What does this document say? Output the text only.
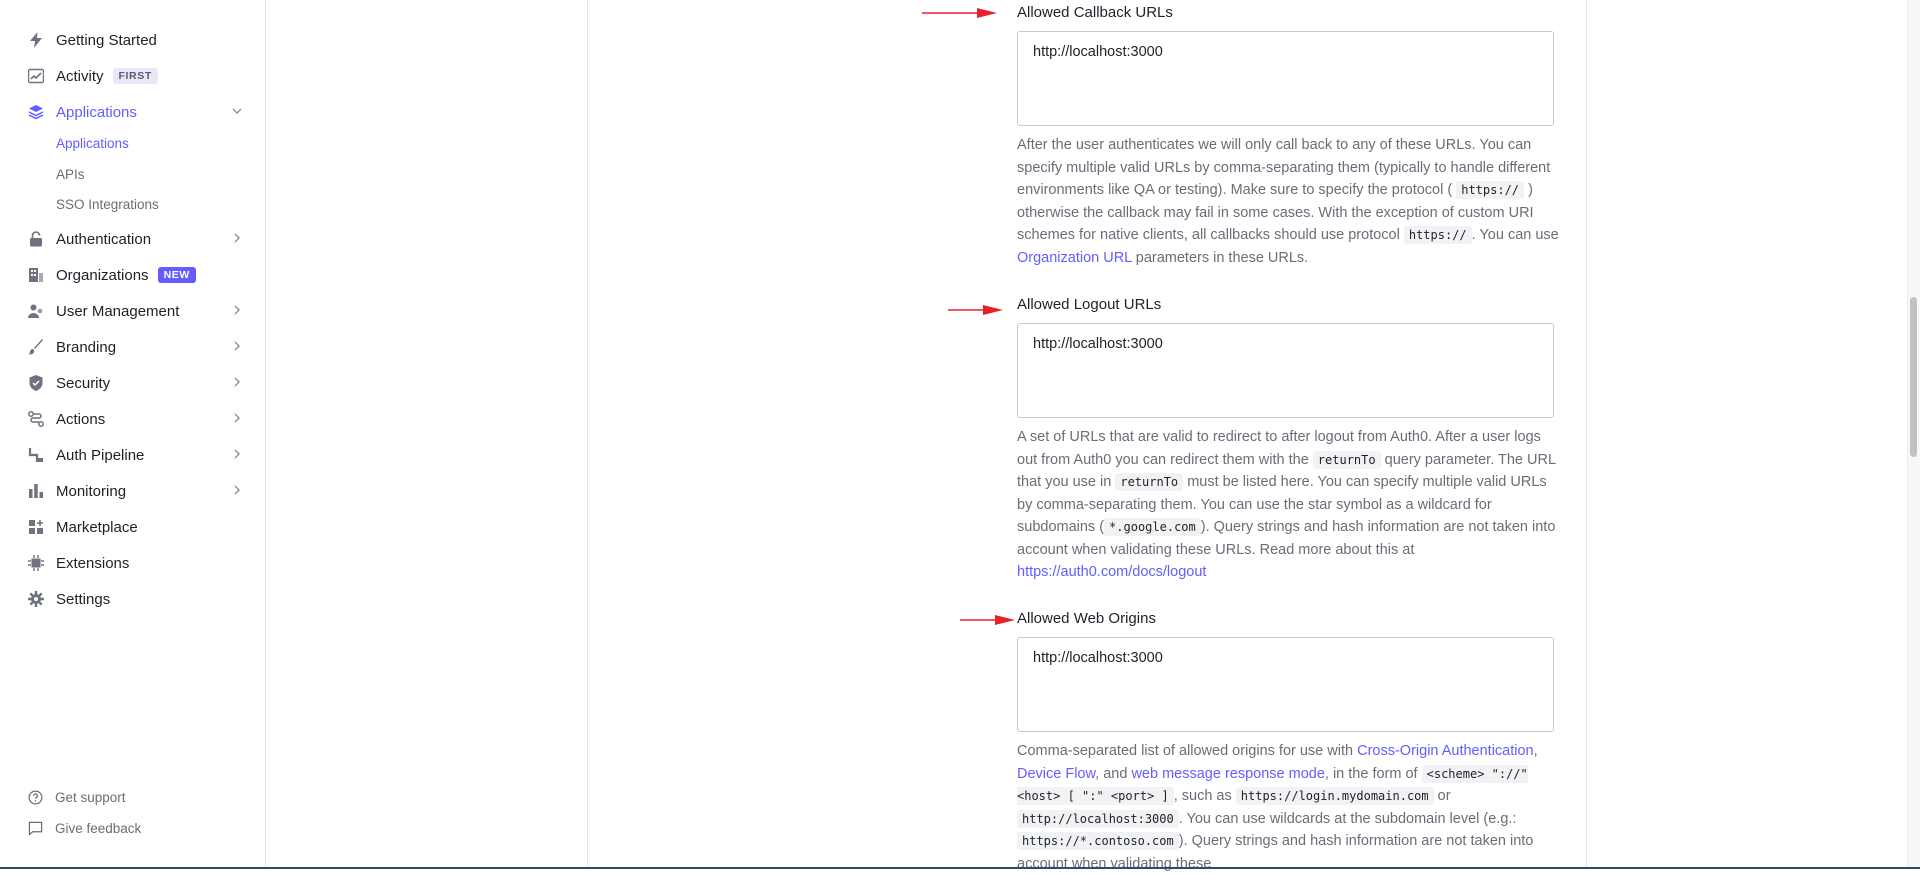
Getting Started
Activity	FIRST
Applications
Applications
APIs
SSO Integrations
Authentication
Organizations	NEW
User Management
Branding
Security
Actions
Auth Pipeline
Monitoring
Marketplace
Extensions
Settings
Get support
Give feedback
Allowed Callback URLs
http://localhost:3000
After the user authenticates we will only call back to any of these URLs. You can specify multiple valid URLs by comma-separating them (typically to handle different environments like QA or testing). Make sure to specify the protocol ( https:// ) otherwise the callback may fail in some cases. With the exception of custom URI schemes for native clients, all callbacks should use protocol https:// . You can use Organization URL parameters in these URLs.
Allowed Logout URLs
http://localhost:3000
A set of URLs that are valid to redirect to after logout from Auth0. After a user logs out from Auth0 you can redirect them with the returnTo query parameter. The URL that you use in returnTo must be listed here. You can specify multiple valid URLs by comma-separating them. You can use the star symbol as a wildcard for subdomains ( *.google.com ). Query strings and hash information are not taken into account when validating these URLs. Read more about this at https://auth0.com/docs/logout
Allowed Web Origins
http://localhost:3000
Comma-separated list of allowed origins for use with Cross-Origin Authentication, Device Flow, and web message response mode, in the form of <scheme> "://" <host> [ ":" <port> ] , such as https://login.mydomain.com or http://localhost:3000 . You can use wildcards at the subdomain level (e.g.: https://*.contoso.com ). Query strings and hash information are not taken into account when validating these
